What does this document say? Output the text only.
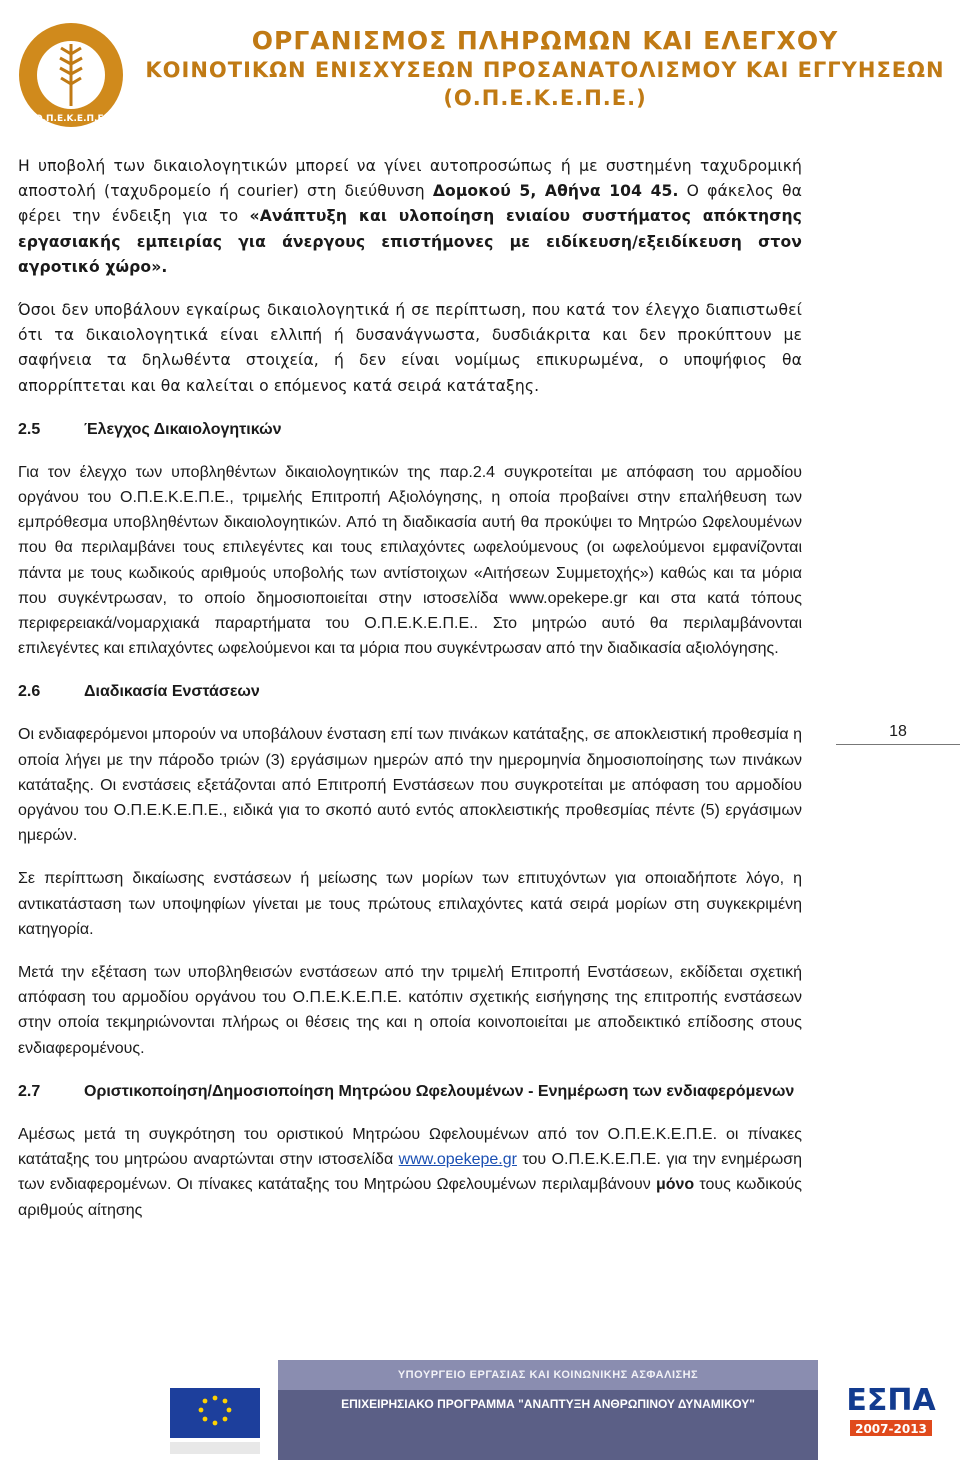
Ο.Π.Ε.Κ.Ε.Π.Ε.
ΟΡΓΑΝΙΣΜΟΣ ΠΛΗΡΩΜΩΝ ΚΑΙ ΕΛΕΓΧΟΥ
ΚΟΙΝΟΤΙΚΩΝ ΕΝΙΣΧΥΣΕΩΝ ΠΡΟΣΑΝΑΤΟΛΙΣΜΟΥ ΚΑΙ ΕΓΓΥΗΣΕΩΝ
(Ο.Π.Ε.Κ.Ε.Π.Ε.)

Η υποβολή των δικαιολογητικών μπορεί να γίνει αυτοπροσώπως ή με συστημένη ταχυδρομική αποστολή (ταχυδρομείο ή courier) στη διεύθυνση Δομοκού 5, Αθήνα 104 45. Ο φάκελος θα φέρει την ένδειξη για το «Ανάπτυξη και υλοποίηση ενιαίου συστήματος απόκτησης εργασιακής εμπειρίας για άνεργους επιστήμονες με ειδίκευση/εξειδίκευση στον αγροτικό χώρο».

Όσοι δεν υποβάλουν εγκαίρως δικαιολογητικά ή σε περίπτωση, που κατά τον έλεγχο διαπιστωθεί ότι τα δικαιολογητικά είναι ελλιπή ή δυσανάγνωστα, δυσδιάκριτα και δεν προκύπτουν με σαφήνεια τα δηλωθέντα στοιχεία, ή δεν είναι νομίμως επικυρωμένα, ο υποψήφιος θα απορρίπτεται και θα καλείται ο επόμενος κατά σειρά κατάταξης.

2.5	Έλεγχος Δικαιολογητικών

Για τον έλεγχο των υποβληθέντων δικαιολογητικών της παρ.2.4 συγκροτείται με απόφαση του αρμοδίου οργάνου του Ο.Π.Ε.Κ.Ε.Π.Ε., τριμελής Επιτροπή Αξιολόγησης, η οποία προβαίνει στην επαλήθευση των εμπρόθεσμα υποβληθέντων δικαιολογητικών. Από τη διαδικασία αυτή θα προκύψει το Μητρώο Ωφελουμένων που θα περιλαμβάνει τους επιλεγέντες και τους επιλαχόντες ωφελούμενους (οι ωφελούμενοι εμφανίζονται πάντα με τους κωδικούς αριθμούς υποβολής των αντίστοιχων «Αιτήσεων Συμμετοχής») καθώς και τα μόρια που συγκέντρωσαν, το οποίο δημοσιοποιείται στην ιστοσελίδα www.opekepe.gr και στα κατά τόπους περιφερειακά/νομαρχιακά παραρτήματα του Ο.Π.Ε.Κ.Ε.Π.Ε.. Στο μητρώο αυτό θα περιλαμβάνονται επιλεγέντες και επιλαχόντες ωφελούμενοι και τα μόρια που συγκέντρωσαν από την διαδικασία αξιολόγησης.

2.6	Διαδικασία Ενστάσεων

Οι ενδιαφερόμενοι μπορούν να υποβάλουν ένσταση επί των πινάκων κατάταξης, σε αποκλειστική προθεσμία η οποία λήγει με την πάροδο τριών (3) εργάσιμων ημερών από την ημερομηνία δημοσιοποίησης των πινάκων κατάταξης. Οι ενστάσεις εξετάζονται από Επιτροπή Ενστάσεων που συγκροτείται με απόφαση του αρμοδίου οργάνου του Ο.Π.Ε.Κ.Ε.Π.Ε., ειδικά για το σκοπό αυτό εντός αποκλειστικής προθεσμίας πέντε (5) εργάσιμων ημερών.

Σε περίπτωση δικαίωσης ενστάσεων ή μείωσης των μορίων των επιτυχόντων για οποιαδήποτε λόγο, η αντικατάσταση των υποψηφίων γίνεται με τους πρώτους επιλαχόντες κατά σειρά μορίων στη συγκεκριμένη κατηγορία.

Μετά την εξέταση των υποβληθεισών ενστάσεων από την τριμελή Επιτροπή Ενστάσεων, εκδίδεται σχετική απόφαση του αρμοδίου οργάνου του Ο.Π.Ε.Κ.Ε.Π.Ε. κατόπιν σχετικής εισήγησης της επιτροπής ενστάσεων στην οποία τεκμηριώνονται πλήρως οι θέσεις της και η οποία κοινοποιείται με αποδεικτικό επίδοσης στους ενδιαφερομένους.

2.7	Οριστικοποίηση/Δημοσιοποίηση Μητρώου Ωφελουμένων - Ενημέρωση των ενδιαφερόμενων

Αμέσως μετά τη συγκρότηση του οριστικού Μητρώου Ωφελουμένων από τον Ο.Π.Ε.Κ.Ε.Π.Ε. οι πίνακες κατάταξης του μητρώου αναρτώνται στην ιστοσελίδα www.opekepe.gr του Ο.Π.Ε.Κ.Ε.Π.Ε. για την ενημέρωση των ενδιαφερομένων. Οι πίνακες κατάταξης του Μητρώου Ωφελουμένων περιλαμβάνουν μόνο τους κωδικούς αριθμούς αίτησης

18
ΥΠΟΥΡΓΕΙΟ ΕΡΓΑΣΙΑΣ ΚΑΙ ΚΟΙΝΩΝΙΚΗΣ ΑΣΦΑΛΙΣΗΣ
ΕΠΙΧΕΙΡΗΣΙΑΚΟ ΠΡΟΓΡΑΜΜΑ "ΑΝΑΠΤΥΞΗ ΑΝΘΡΩΠΙΝΟΥ ΔΥΝΑΜΙΚΟΥ"	ΕΣΠΑ
2007-2013
